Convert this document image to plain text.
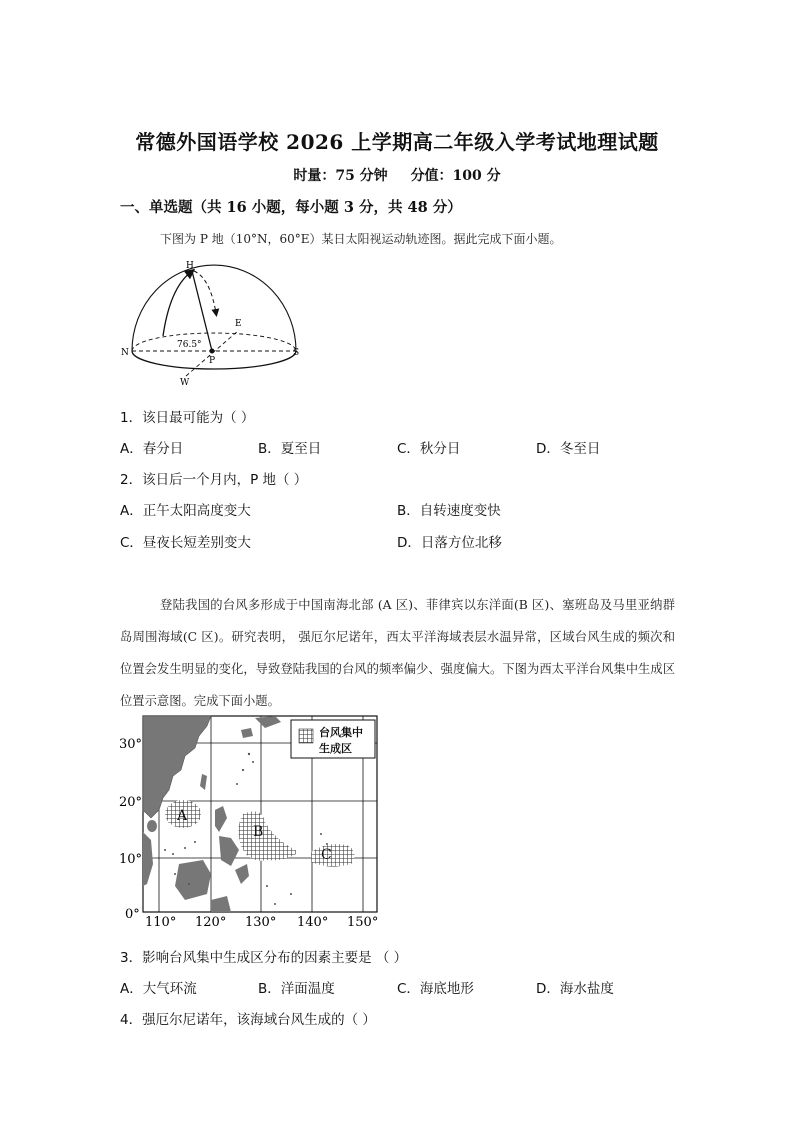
常德外国语学校 2026 上学期高二年级入学考试地理试题
时量：75 分钟 分值：100 分
一、单选题（共 16 小题，每小题 3 分，共 48 分）
下图为 P 地（10°N，60°E）某日太阳视运动轨迹图。据此完成下面小题。
H
E
N	S
W
P
76.5°
1．该日最可能为（ ）
A．春分日	B．夏至日	C．秋分日	D．冬至日
2．该日后一个月内，P 地（ ）
A．正午太阳高度变大	B．自转速度变快
C．昼夜长短差别变大	D．日落方位北移
登陆我国的台风多形成于中国南海北部 (A 区)、菲律宾以东洋面(B 区)、塞班岛及马里亚纳群岛周围海域(C 区)。研究表明， 强厄尔尼诺年，西太平洋海域表层水温异常，区域台风生成的频次和位置会发生明显的变化，导致登陆我国的台风的频率偏少、强度偏大。下图为西太平洋台风集中生成区位置示意图。完成下面小题。
A
B
C
台风集中
生成区
30°
20°
10°
0°
110° 120° 130° 140° 150°
3．影响台风集中生成区分布的因素主要是 （ ）
A．大气环流	B．洋面温度	C．海底地形	D．海水盐度
4．强厄尔尼诺年，该海域台风生成的（ ）
